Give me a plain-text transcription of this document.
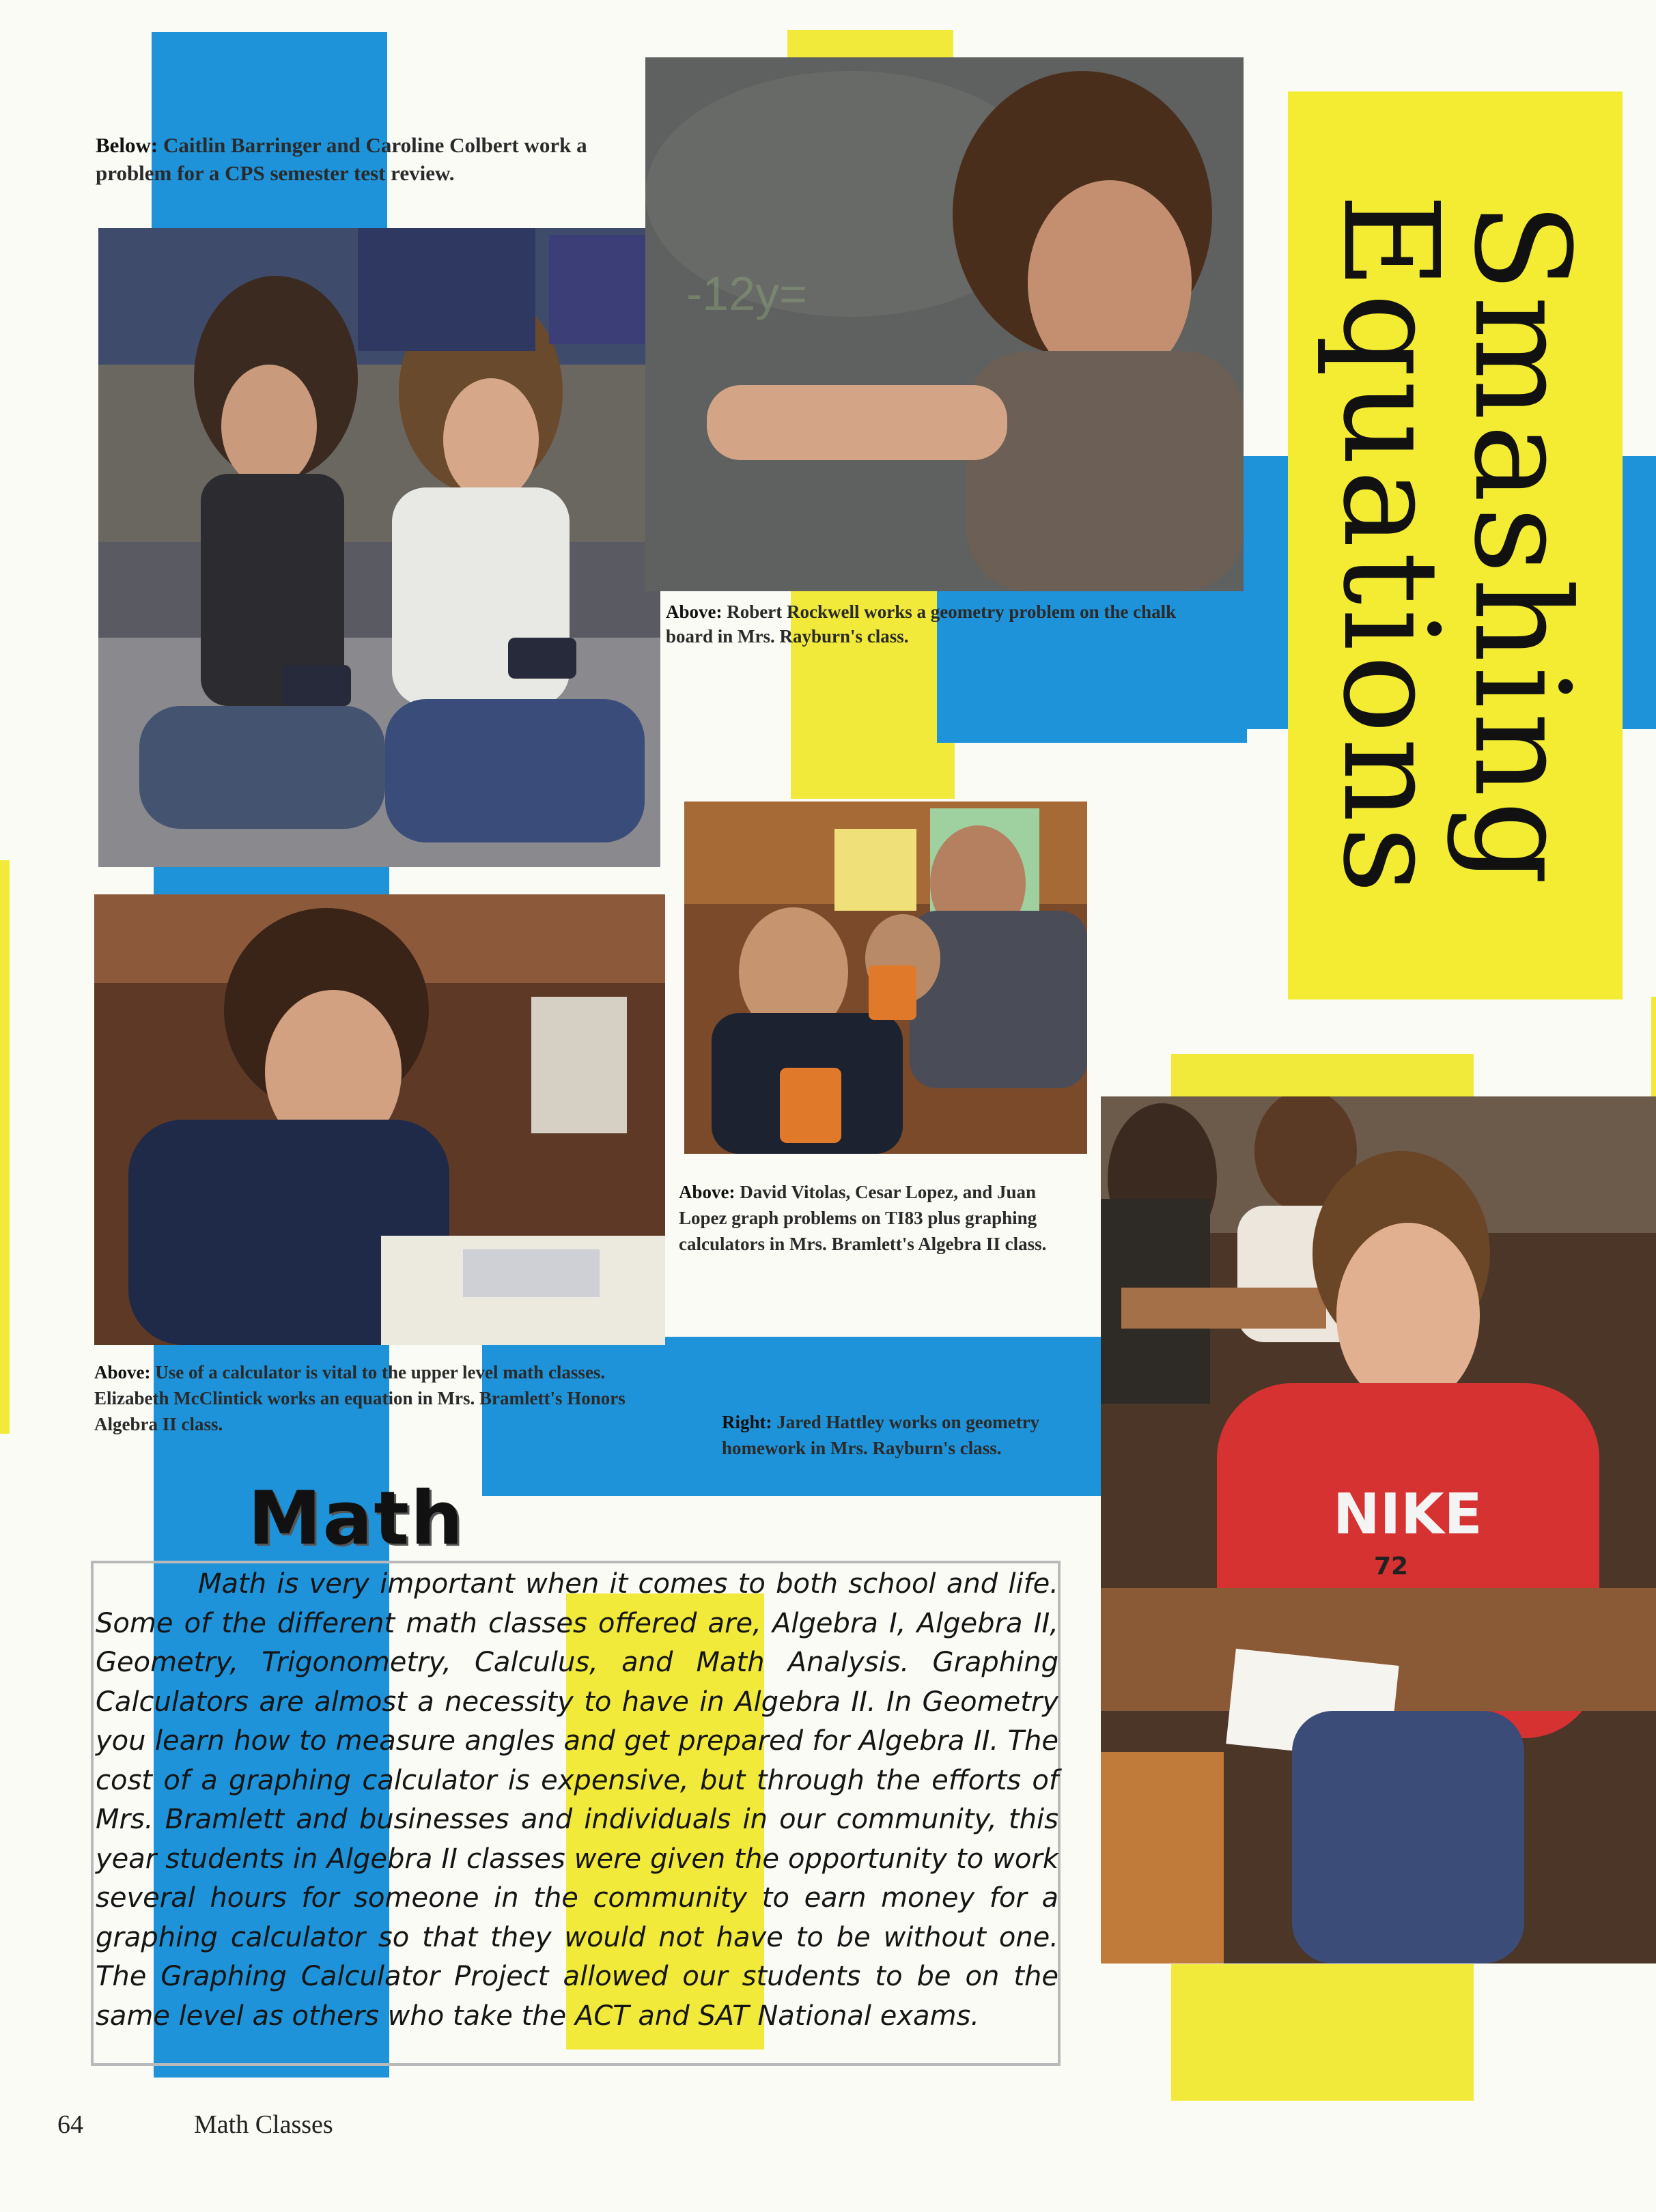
Smashing
Equations
Below: Caitlin Barringer and Caroline Colbert work a problem for a CPS semester test review.
-12y=
Above: Robert Rockwell works a geometry problem on the chalk board in Mrs. Rayburn's class.
Above: David Vitolas, Cesar Lopez, and Juan Lopez graph problems on TI83 plus graphing calculators in Mrs. Bramlett's Algebra II class.
Above: Use of a calculator is vital to the upper level math classes. Elizabeth McClintick works an equation in Mrs. Bramlett's Honors Algebra II class.
NIKE
72
Right: Jared Hattley works on geometry homework in Mrs. Rayburn's class.
Math
Math is very important when it comes to both school and life. Some of the different math classes offered are, Algebra I, Algebra II, Geometry, Trigonometry, Calculus, and Math Analysis. Graphing Calculators are almost a necessity to have in Algebra II. In Geometry you learn how to measure angles and get prepared for Algebra II. The cost of a graphing calculator is expensive, but through the efforts of Mrs. Bramlett and businesses and individuals in our community, this year students in Algebra II classes were given the opportunity to work several hours for someone in the community to earn money for a graphing calculator so that they would not have to be without one. The Graphing Calculator Project allowed our students to be on the same level as others who take the ACT and SAT National exams.
64	Math Classes
